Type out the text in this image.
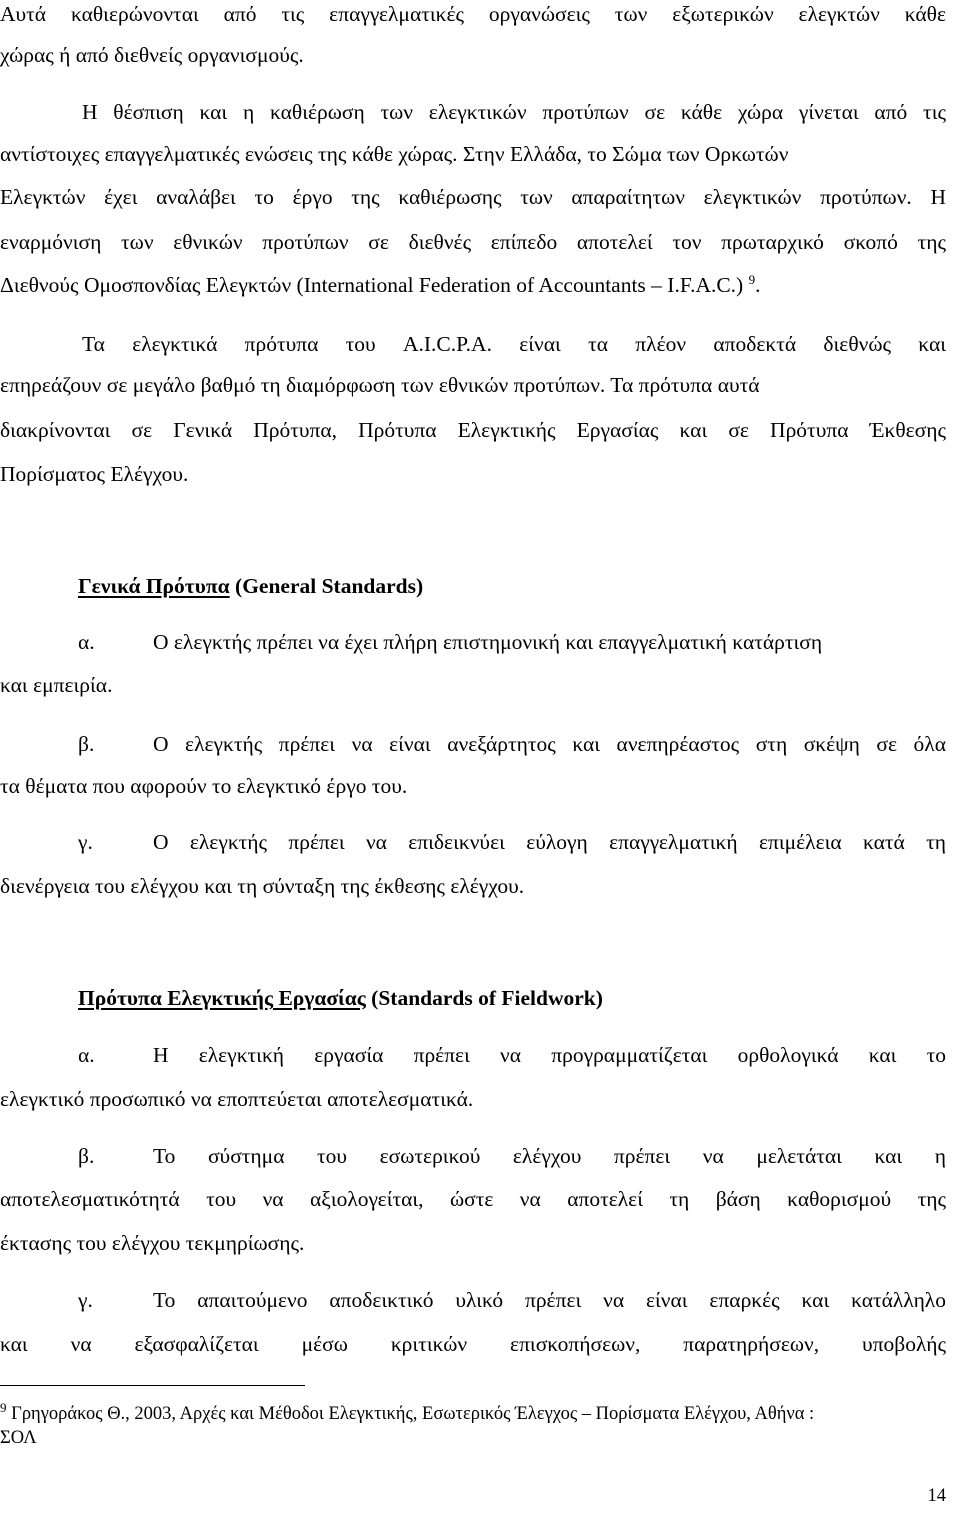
Αυτά καθιερώνονται από τις επαγγελματικές οργανώσεις των εξωτερικών ελεγκτών κάθε
χώρας ή από διεθνείς οργανισμούς.
Η θέσπιση και η καθιέρωση των ελεγκτικών προτύπων σε κάθε χώρα γίνεται από τις
αντίστοιχες επαγγελματικές ενώσεις της κάθε χώρας. Στην Ελλάδα, το Σώμα των Ορκωτών
Ελεγκτών έχει αναλάβει το έργο της καθιέρωσης των απαραίτητων ελεγκτικών προτύπων. Η
εναρμόνιση των εθνικών προτύπων σε διεθνές επίπεδο αποτελεί τον πρωταρχικό σκοπό της
Διεθνούς Ομοσπονδίας Ελεγκτών (International Federation of Accountants – I.F.A.C.) $^9$.
Τα ελεγκτικά πρότυπα του A.I.C.P.A. είναι τα πλέον αποδεκτά διεθνώς και
επηρεάζουν σε μεγάλο βαθμό τη διαμόρφωση των εθνικών προτύπων. Τα πρότυπα αυτά
διακρίνονται σε Γενικά Πρότυπα, Πρότυπα Ελεγκτικής Εργασίας και σε Πρότυπα Έκθεσης
Πορίσματος Ελέγχου.
Γενικά Πρότυπα (General Standards)
α.	Ο ελεγκτής πρέπει να έχει πλήρη επιστημονική και επαγγελματική κατάρτιση
και εμπειρία.
β.	Ο ελεγκτής πρέπει να είναι ανεξάρτητος και ανεπηρέαστος στη σκέψη σε όλα
τα θέματα που αφορούν το ελεγκτικό έργο του.
γ.	Ο ελεγκτής πρέπει να επιδεικνύει εύλογη επαγγελματική επιμέλεια κατά τη
διενέργεια του ελέγχου και τη σύνταξη της έκθεσης ελέγχου.
Πρότυπα Ελεγκτικής Εργασίας (Standards of Fieldwork)
α.	Η ελεγκτική εργασία πρέπει να προγραμματίζεται ορθολογικά και το
ελεγκτικό προσωπικό να εποπτεύεται αποτελεσματικά.
β.	Το σύστημα του εσωτερικού ελέγχου πρέπει να μελετάται και η
αποτελεσματικότητά του να αξιολογείται, ώστε να αποτελεί τη βάση καθορισμού της
έκτασης του ελέγχου τεκμηρίωσης.
γ.	Το απαιτούμενο αποδεικτικό υλικό πρέπει να είναι επαρκές και κατάλληλο
και να εξασφαλίζεται μέσω κριτικών επισκοπήσεων, παρατηρήσεων, υποβολής
$^9$ Γρηγοράκος Θ., 2003, Αρχές και Μέθοδοι Ελεγκτικής, Εσωτερικός Έλεγχος – Πορίσματα Ελέγχου, Αθήνα :
ΣΟΛ
14
